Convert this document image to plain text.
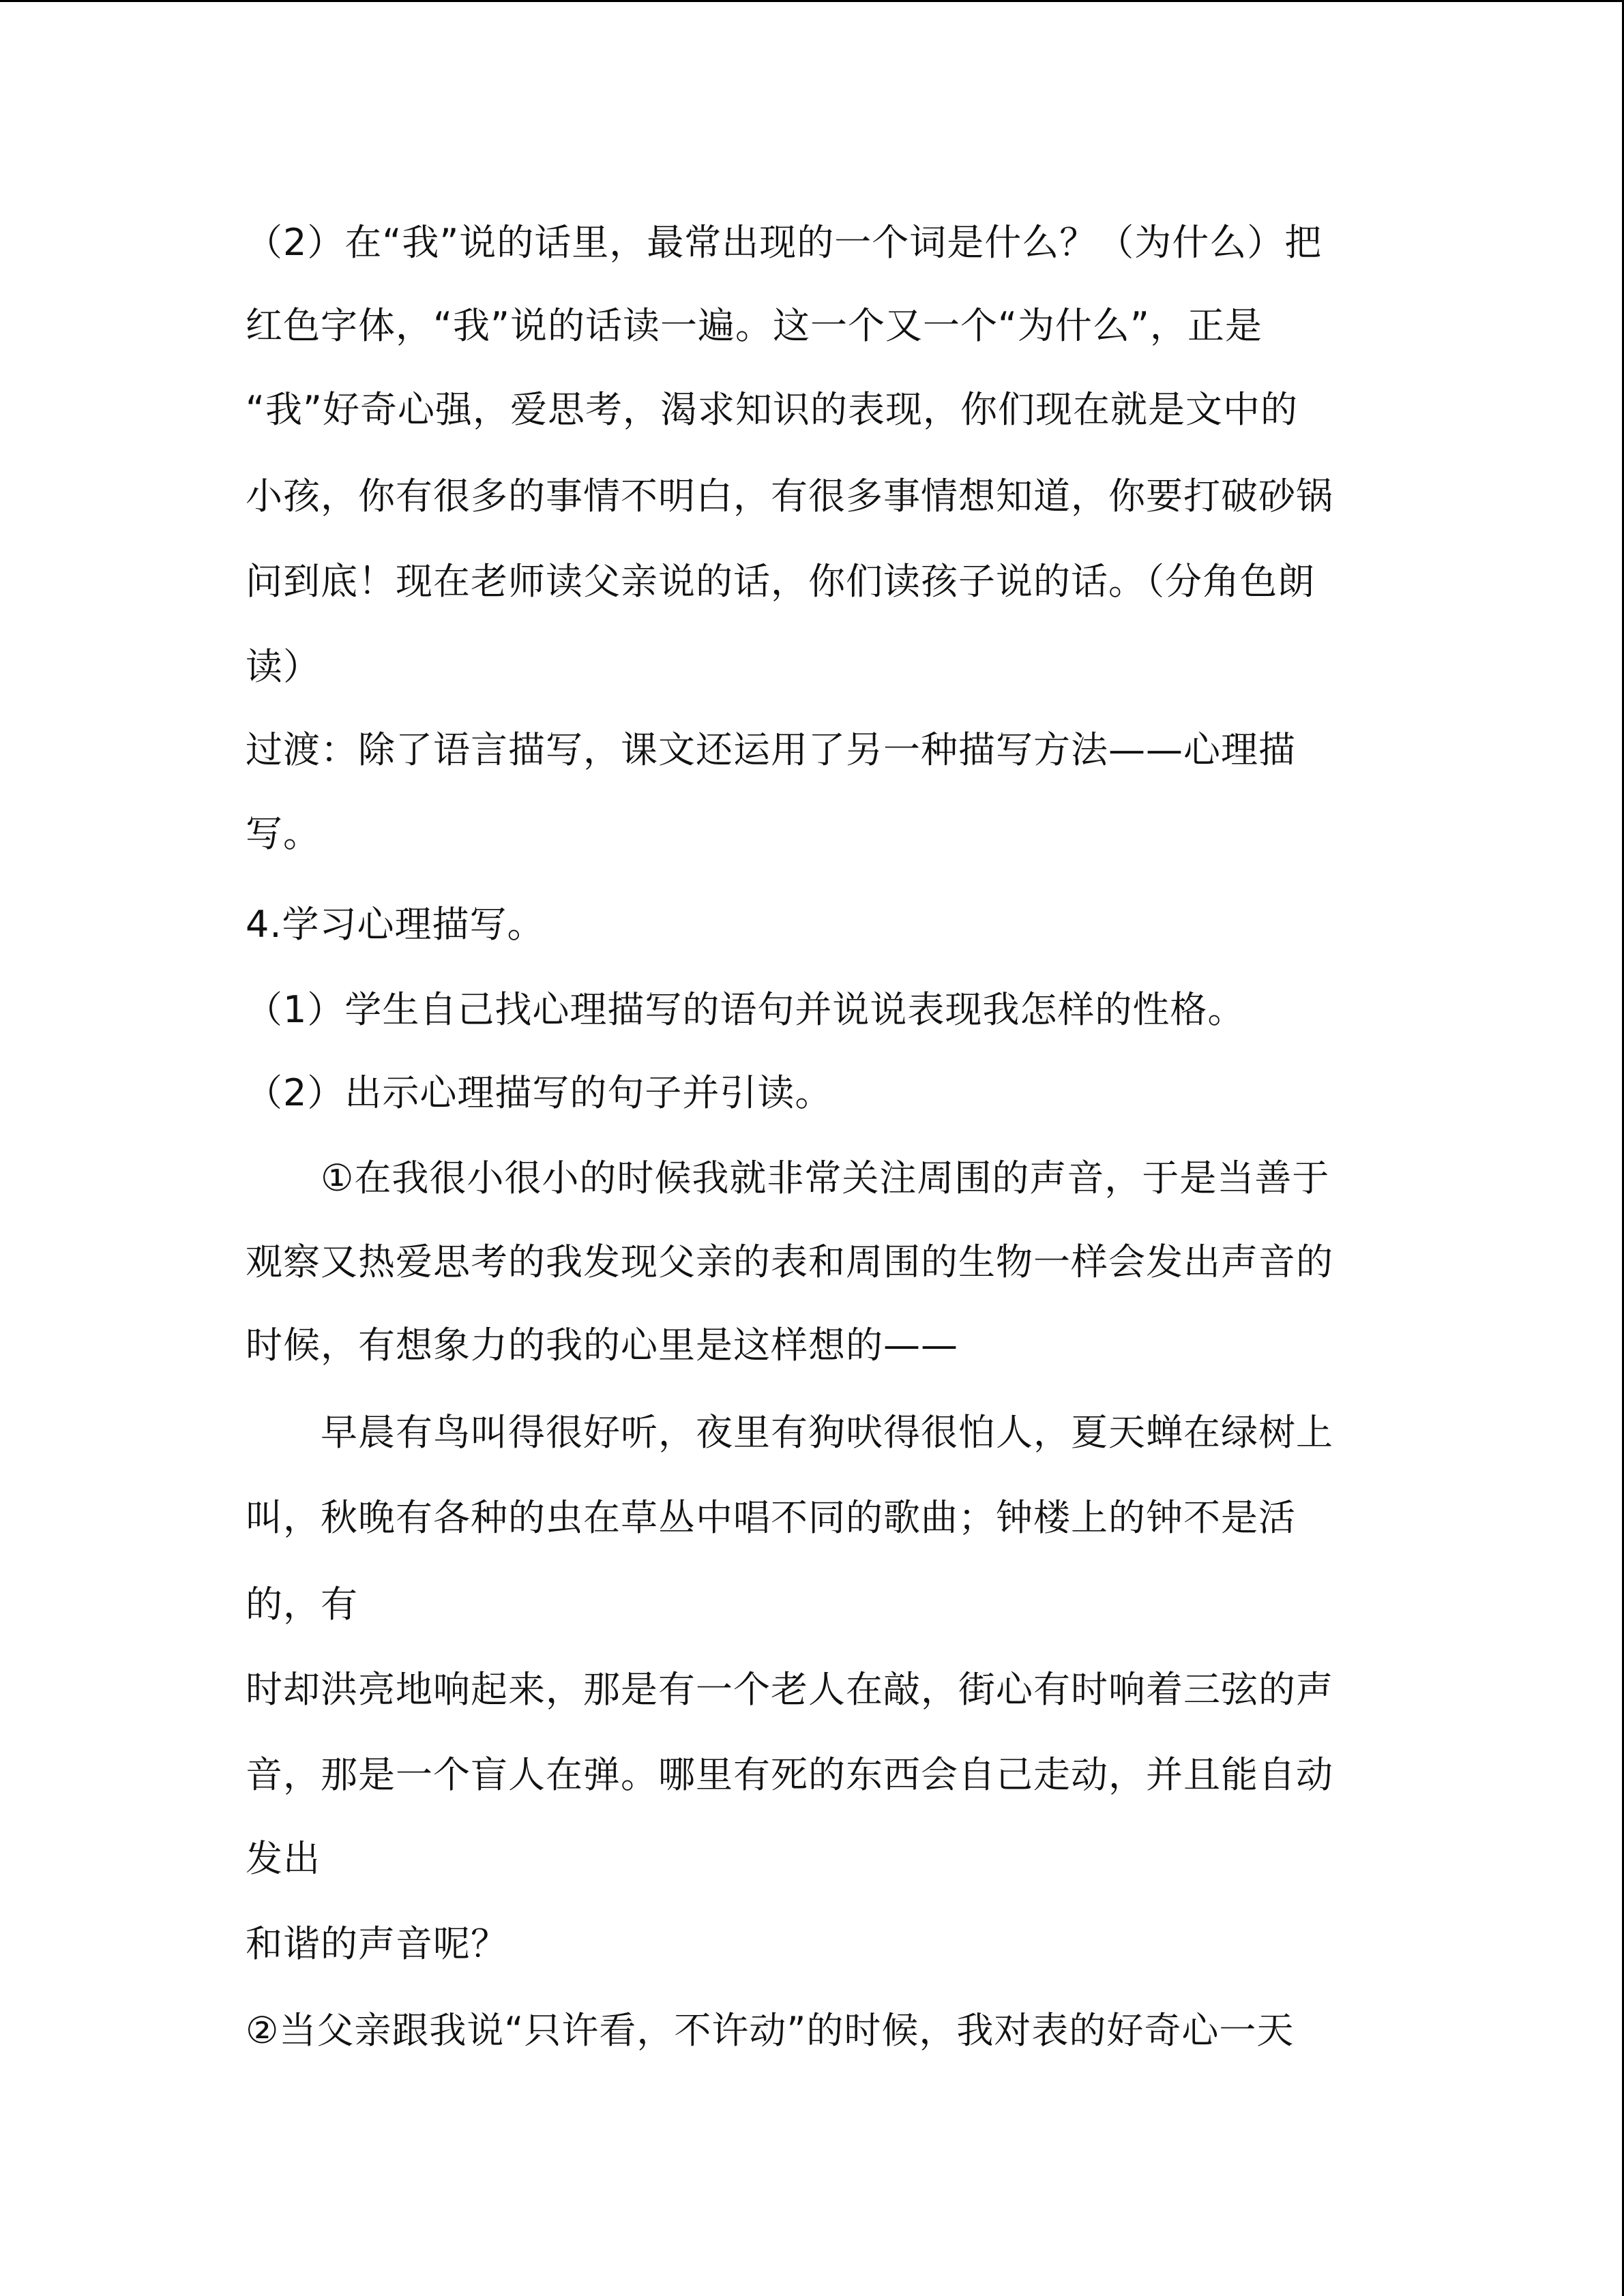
（2）在“我”说的话里，最常出现的一个词是什么？（为什么）把
红色字体，“我”说的话读一遍。这一个又一个“为什么”，正是
“我”好奇心强，爱思考，渴求知识的表现，你们现在就是文中的
小孩，你有很多的事情不明白，有很多事情想知道，你要打破砂锅
问到底！现在老师读父亲说的话，你们读孩子说的话。（分角色朗
读）
过渡：除了语言描写，课文还运用了另一种描写方法——心理描
写。
4.学习心理描写。
（1）学生自己找心理描写的语句并说说表现我怎样的性格。
（2）出示心理描写的句子并引读。
①在我很小很小的时候我就非常关注周围的声音，于是当善于
观察又热爱思考的我发现父亲的表和周围的生物一样会发出声音的
时候，有想象力的我的心里是这样想的——
早晨有鸟叫得很好听，夜里有狗吠得很怕人，夏天蝉在绿树上
叫，秋晚有各种的虫在草丛中唱不同的歌曲；钟楼上的钟不是活
的，有
时却洪亮地响起来，那是有一个老人在敲，街心有时响着三弦的声
音，那是一个盲人在弹。哪里有死的东西会自己走动，并且能自动
发出
和谐的声音呢？
②当父亲跟我说“只许看，不许动”的时候，我对表的好奇心一天
